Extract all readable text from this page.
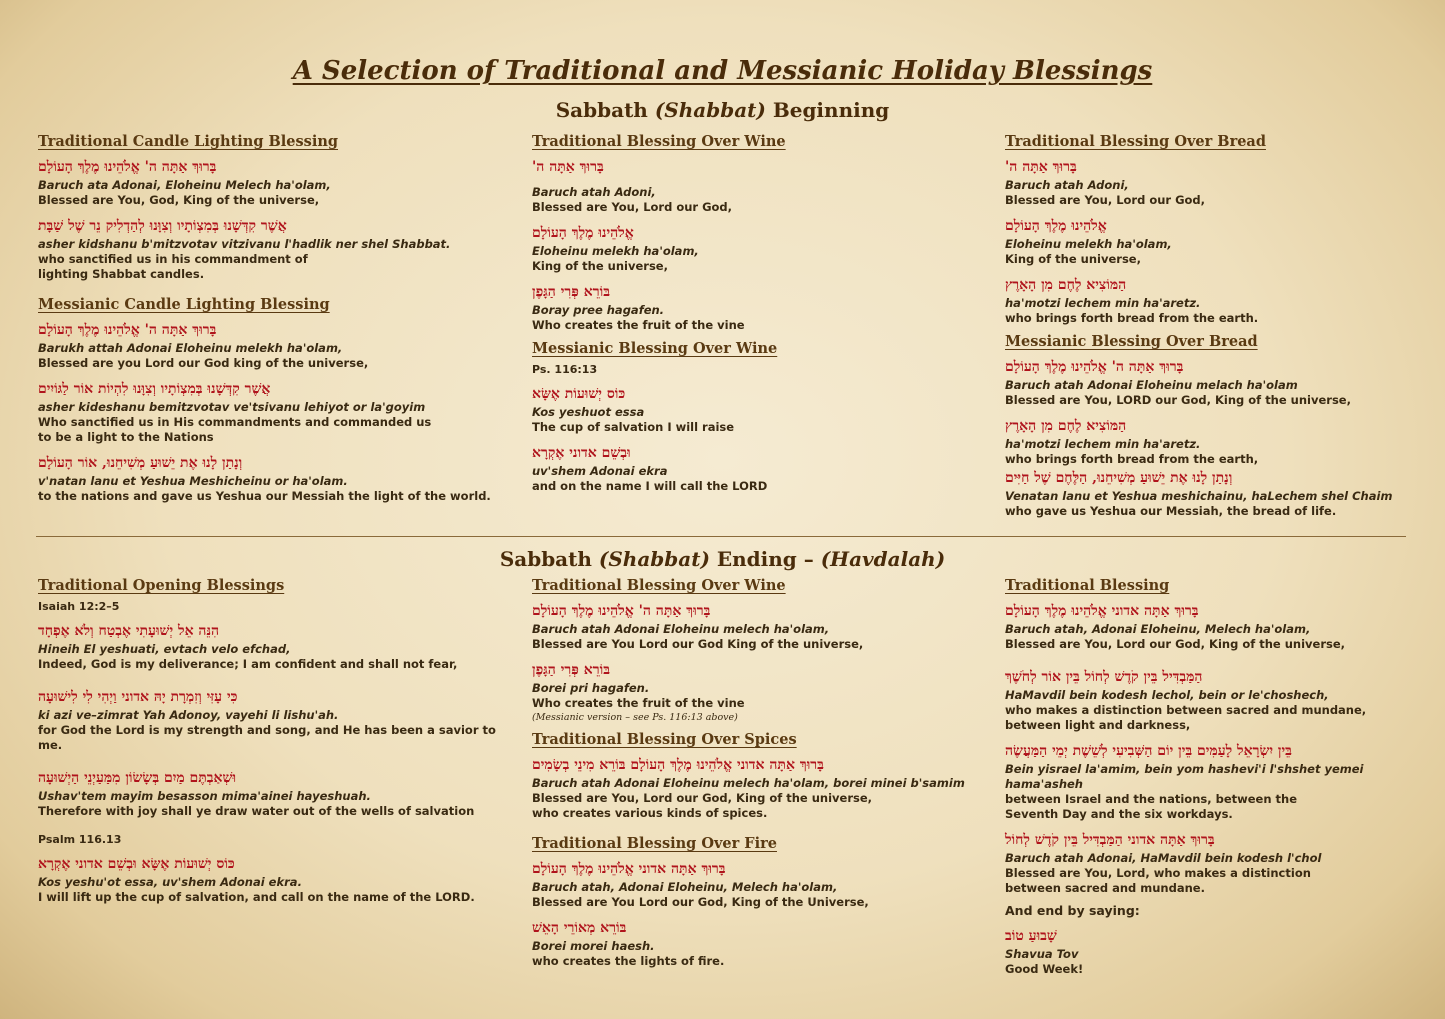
A Selection of Traditional and Messianic Holiday Blessings
Sabbath (Shabbat) Beginning

Traditional Candle Lighting Blessing

בָּרוּךְ אַתָּה ה' אֱלֹהֵינוּ מֶלֶךְ הָעוֹלָם

Baruch ata Adonai, Eloheinu Melech ha'olam,

Blessed are You, God, King of the universe,

אֲשֶׁר קִדְּשָׁנוּ בְּמִצְוֹתָיו וְצִוָּנוּ לְהַדְלִיק נֵר שֶׁל שַׁבָּת

asher kidshanu b'mitzvotav vitzivanu l'hadlik ner shel Shabbat.

who sanctified us in his commandment of

lighting Shabbat candles.

Messianic Candle Lighting Blessing

בָּרוּךְ אַתָּה ה' אֱלֹהֵינוּ מֶלֶךְ הָעוֹלָם

Barukh attah Adonai Eloheinu melekh ha'olam,

Blessed are you Lord our God king of the universe,

אֲשֶׁר קִדְּשָׁנוּ בְּמִצְוֹתָיו וְצִוָּנוּ לִהְיוֹת אוֹר לַגּוֹיִים

asher kideshanu bemitzvotav ve'tsivanu lehiyot or la'goyim

Who sanctified us in His commandments and commanded us

to be a light to the Nations

וְנָתַן לָנוּ אֶת יֵשׁוּעַ מְשִׁיחֵנוּ, אוֹר הָעוֹלָם

v'natan lanu et Yeshua Meshicheinu or ha'olam.

to the nations and gave us Yeshua our Messiah the light of the world.

Traditional Blessing Over Wine

בָּרוּךְ אַתָּה ה'

Baruch atah Adoni,

Blessed are You, Lord our God,

אֱלֹהֵינוּ מֶלֶךְ הָעוֹלָם

Eloheinu melekh ha'olam,

King of the universe,

בּוֹרֵא פְּרִי הַגָּפֶן

Boray pree hagafen.

Who creates the fruit of the vine

Messianic Blessing Over Wine

Ps. 116:13

כּוֹס יְשׁוּעוֹת אֶשָּׂא

Kos yeshuot essa

The cup of salvation I will raise

וּבְשֵׁם אדוני אֶקְרָא

uv'shem Adonai ekra

and on the name I will call the LORD

Traditional Blessing Over Bread

בָּרוּךְ אַתָּה ה'

Baruch atah Adoni,

Blessed are You, Lord our God,

אֱלֹהֵינוּ מֶלֶךְ הָעוֹלָם

Eloheinu melekh ha'olam,

King of the universe,

הַמּוֹצִיא לֶחֶם מִן הָאָרֶץ

ha'motzi lechem min ha'aretz.

who brings forth bread from the earth.

Messianic Blessing Over Bread

בָּרוּךְ אַתָּה ה' אֱלֹהֵינוּ מֶלֶךְ הָעוֹלָם

Baruch atah Adonai Eloheinu melach ha'olam

Blessed are You, LORD our God, King of the universe,

הַמּוֹצִיא לֶחֶם מִן הָאָרֶץ

ha'motzi lechem min ha'aretz.

who brings forth bread from the earth,

וְנָתַן לָנוּ אֶת יֵשׁוּעַ מְשִׁיחֵנוּ, הַלֶּחֶם שֶׁל חַיִּים

Venatan lanu et Yeshua meshichainu, haLechem shel Chaim

who gave us Yeshua our Messiah, the bread of life.

Sabbath (Shabbat) Ending – (Havdalah)

Traditional Opening Blessings

Isaiah 12:2–5

הִנֵּה אֵל יְשׁוּעָתִי אֶבְטַח וְלֹא אֶפְחָד

Hineih El yeshuati, evtach velo efchad,

Indeed, God is my deliverance; I am confident and shall not fear,

כִּי עָזִּי וְזִמְרָת יָהּ אדוני וַיְהִי לִי לִישׁוּעָה

ki azi ve–zimrat Yah Adonoy, vayehi li lishu'ah.

for God the Lord is my strength and song, and He has been a savior to me.

וּשְׁאַבְתֶּם מַיִם בְּשָׂשׂוֹן מִמַּעַיְנֵי הַיְשׁוּעָה

Ushav'tem mayim besasson mima'ainei hayeshuah.

Therefore with joy shall ye draw water out of the wells of salvation

Psalm 116.13

כּוֹס יְשׁוּעוֹת אֶשָּׂא וּבְשֵׁם אדוני אֶקְרָא

Kos yeshu'ot essa, uv'shem Adonai ekra.

I will lift up the cup of salvation, and call on the name of the LORD.

Traditional Blessing Over Wine

בָּרוּךְ אַתָּה ה' אֱלֹהֵינוּ מֶלֶךְ הָעוֹלָם

Baruch atah Adonai Eloheinu melech ha'olam,

Blessed are You Lord our God King of the universe,

בּוֹרֵא פְּרִי הַגָּפֶן

Borei pri hagafen.

Who creates the fruit of the vine

(Messianic version – see Ps. 116:13 above)

Traditional Blessing Over Spices

בָּרוּךְ אַתָּה אדוני אֱלֹהֵינוּ מֶלֶךְ הָעוֹלָם בּוֹרֵא מִינֵי בְשָׂמִים

Baruch atah Adonai Eloheinu melech ha'olam, borei minei b'samim

Blessed are You, Lord our God, King of the universe,

who creates various kinds of spices.

Traditional Blessing Over Fire

בָּרוּךְ אַתָּה אדוני אֱלֹהֵינוּ מֶלֶךְ הָעוֹלָם

Baruch atah, Adonai Eloheinu, Melech ha'olam,

Blessed are You Lord our God, King of the Universe,

בּוֹרֵא מְאוֹרֵי הָאֵשׁ

Borei morei haesh.

who creates the lights of fire.

Traditional Blessing

בָּרוּךְ אַתָּה אדוני אֱלֹהֵינוּ מֶלֶךְ הָעוֹלָם

Baruch atah, Adonai Eloheinu, Melech ha'olam,

Blessed are You, Lord our God, King of the universe,

הַמַּבְדִּיל בֵּין קֹדֶשׁ לְחוֹל בֵּין אוֹר לְחֹשֶׁךְ

HaMavdil bein kodesh lechol, bein or le'choshech,

who makes a distinction between sacred and mundane,

between light and darkness,

בֵּין יִשְׂרָאֵל לָעַמִּים בֵּין יוֹם הַשְּׁבִיעִי לְשֵׁשֶׁת יְמֵי הַמַּעֲשֶׂה

Bein yisrael la'amim, bein yom hashevi'i l'shshet yemei hama'asheh

between Israel and the nations, between the

Seventh Day and the six workdays.

בָּרוּךְ אַתָּה אדוני הַמַּבְדִּיל בֵּין קֹדֶשׁ לְחוֹל

Baruch atah Adonai, HaMavdil bein kodesh l'chol

Blessed are You, Lord, who makes a distinction

between sacred and mundane.

And end by saying:

שָׁבוּעַ טוֹב

Shavua Tov

Good Week!
